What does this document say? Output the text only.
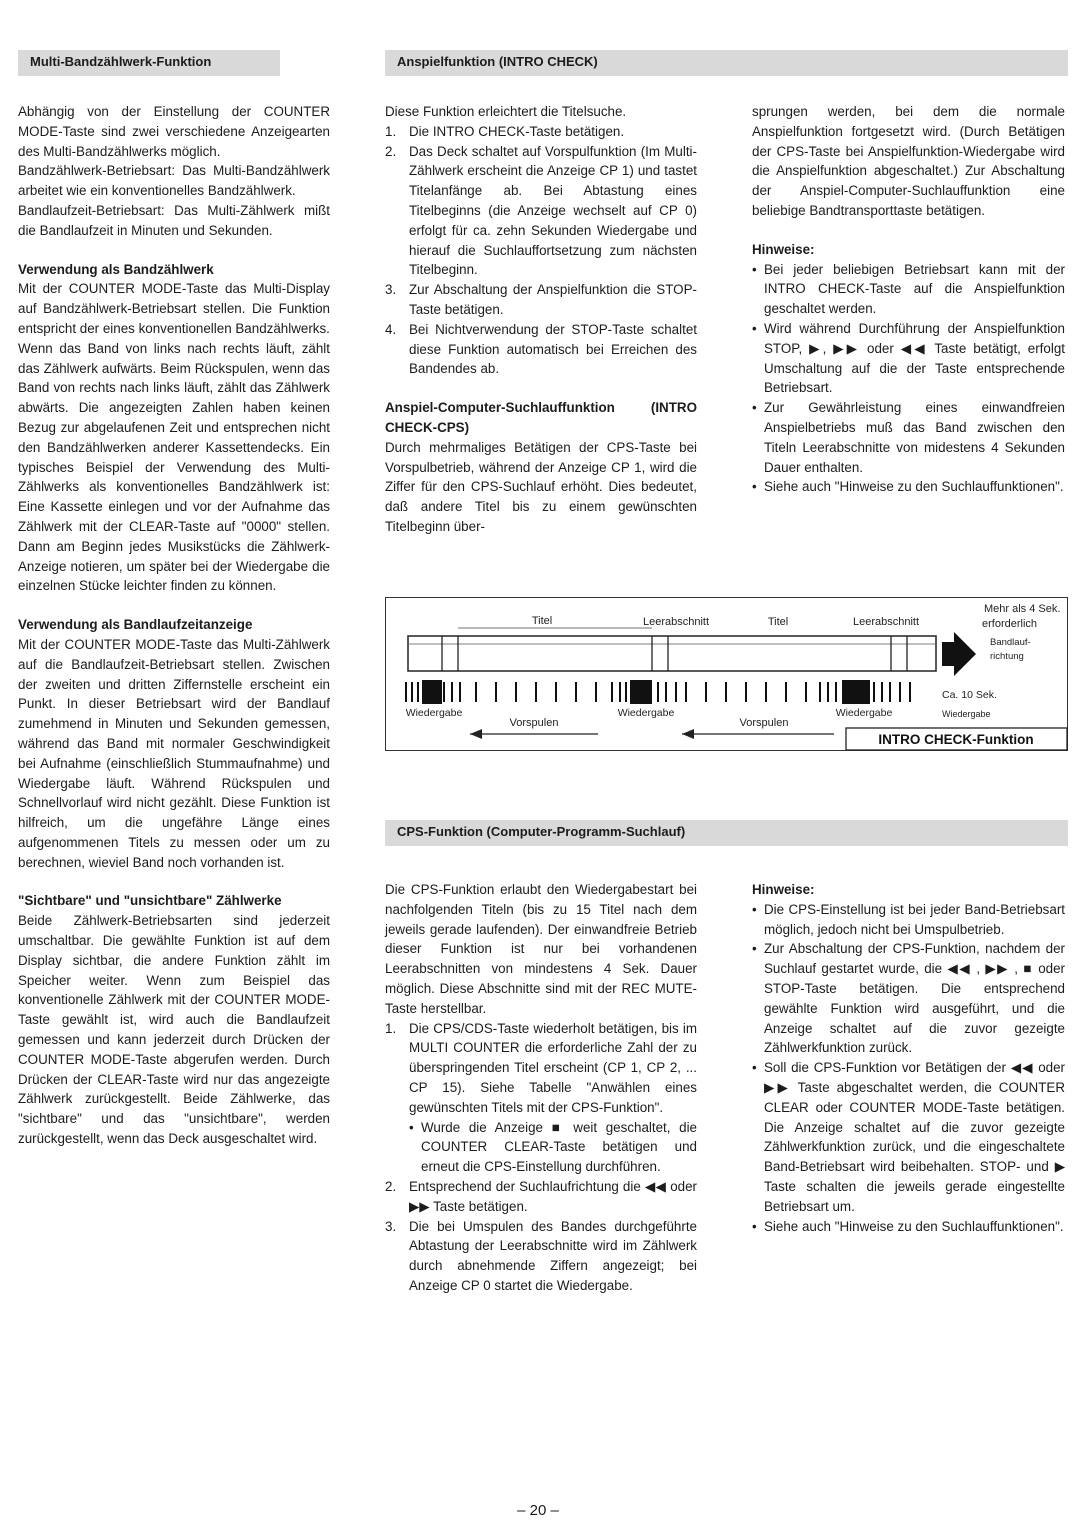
Multi-Bandzählwerk-Funktion	Anspielfunktion (INTRO CHECK)
CPS-Funktion (Computer-Programm-Suchlauf)

Abhängig von der Einstellung der COUNTER MODE-Taste sind zwei verschiedene Anzeigearten des Multi-Bandzählwerks möglich.

Bandzählwerk-Betriebsart: Das Multi-Bandzählwerk arbeitet wie ein konventionelles Bandzählwerk.

Bandlaufzeit-Betriebsart: Das Multi-Zählwerk mißt die Bandlaufzeit in Minuten und Sekunden.

Verwendung als Bandzählwerk

Mit der COUNTER MODE-Taste das Multi-Display auf Bandzählwerk-Betriebsart stellen. Die Funktion entspricht der eines konventionellen Bandzählwerks.

Wenn das Band von links nach rechts läuft, zählt das Zählwerk aufwärts. Beim Rückspulen, wenn das Band von rechts nach links läuft, zählt das Zählwerk abwärts. Die angezeigten Zahlen haben keinen Bezug zur abgelaufenen Zeit und entsprechen nicht den Bandzählwerken anderer Kassettendecks. Ein typisches Beispiel der Verwendung des Multi-Zählwerks als konventionelles Bandzählwerk ist: Eine Kassette einlegen und vor der Aufnahme das Zählwerk mit der CLEAR-Taste auf "0000" stellen. Dann am Beginn jedes Musikstücks die Zählwerk-Anzeige notieren, um später bei der Wiedergabe die einzelnen Stücke leichter finden zu können.

Verwendung als Bandlaufzeitanzeige

Mit der COUNTER MODE-Taste das Multi-Zählwerk auf die Bandlaufzeit-Betriebsart stellen. Zwischen der zweiten und dritten Ziffernstelle erscheint ein Punkt. In dieser Betriebsart wird der Bandlauf zumehmend in Minuten und Sekunden gemessen, während das Band mit normaler Geschwindigkeit bei Aufnahme (einschließlich Stummaufnahme) und Wiedergabe läuft. Während Rückspulen und Schnellvorlauf wird nicht gezählt. Diese Funktion ist hilfreich, um die ungefähre Länge eines aufgenommenen Titels zu messen oder um zu berechnen, wieviel Band noch vorhanden ist.

"Sichtbare" und "unsichtbare" Zählwerke

Beide Zählwerk-Betriebsarten sind jederzeit umschaltbar. Die gewählte Funktion ist auf dem Display sichtbar, die andere Funktion zählt im Speicher weiter. Wenn zum Beispiel das konventionelle Zählwerk mit der COUNTER MODE-Taste gewählt ist, wird auch die Bandlaufzeit gemessen und kann jederzeit durch Drücken der COUNTER MODE-Taste abgerufen werden. Durch Drücken der CLEAR-Taste wird nur das angezeigte Zählwerk zurückgestellt. Beide Zählwerke, das "sichtbare" und das "unsichtbare", werden zurückgestellt, wenn das Deck ausgeschaltet wird.

Diese Funktion erleichtert die Titelsuche.

1. Die INTRO CHECK-Taste betätigen.
2. Das Deck schaltet auf Vorspulfunktion (Im Multi-Zählwerk erscheint die Anzeige CP 1) und tastet Titelanfänge ab. Bei Abtastung eines Titelbeginns (die Anzeige wechselt auf CP 0) erfolgt für ca. zehn Sekunden Wiedergabe und hierauf die Suchlauffortsetzung zum nächsten Titelbeginn.
3. Zur Abschaltung der Anspielfunktion die STOP-Taste betätigen.
4. Bei Nichtverwendung der STOP-Taste schaltet diese Funktion automatisch bei Erreichen des Bandendes ab.
Anspiel-Computer-Suchlauffunktion (INTRO CHECK-CPS)

Durch mehrmaliges Betätigen der CPS-Taste bei Vorspulbetrieb, während der Anzeige CP 1, wird die Ziffer für den CPS-Suchlauf erhöht. Dies bedeutet, daß andere Titel bis zu einem gewünschten Titelbeginn über-

sprungen werden, bei dem die normale Anspielfunktion fortgesetzt wird. (Durch Betätigen der CPS-Taste bei Anspielfunktion-Wiedergabe wird die Anspielfunktion abgeschaltet.) Zur Abschaltung der Anspiel-Computer-Suchlauffunktion eine beliebige Bandtransporttaste betätigen.

Hinweise:
• Bei jeder beliebigen Betriebsart kann mit der INTRO CHECK-Taste auf die Anspielfunktion geschaltet werden.
• Wird während Durchführung der Anspielfunktion STOP, ▶, ▶▶ oder ◀◀ Taste betätigt, erfolgt Umschaltung auf die der Taste entsprechende Betriebsart.
• Zur Gewährleistung eines einwandfreien Anspielbetriebs muß das Band zwischen den Titeln Leerabschnitte von midestens 4 Sekunden Dauer enthalten.
• Siehe auch "Hinweise zu den Suchlauffunktionen".
Titel	Leerabschnitt	Titel	Leerabschnitt
Mehr als 4 Sek.
erforderlich
Bandlauf-
richtung
Wiedergabe
Vorspulen
Wiedergabe
Vorspulen
Wiedergabe
Ca. 10 Sek.
Wiedergabe
INTRO CHECK-Funktion

Die CPS-Funktion erlaubt den Wiedergabestart bei nachfolgenden Titeln (bis zu 15 Titel nach dem jeweils gerade laufenden). Der einwandfreie Betrieb dieser Funktion ist nur bei vorhandenen Leerabschnitten von mindestens 4 Sek. Dauer möglich. Diese Abschnitte sind mit der REC MUTE-Taste herstellbar.

1. Die CPS/CDS-Taste wiederholt betätigen, bis im MULTI COUNTER die erforderliche Zahl der zu überspringenden Titel erscheint (CP 1, CP 2, ... CP 15). Siehe Tabelle "Anwählen eines gewünschten Titels mit der CPS-Funktion".
• Wurde die Anzeige ■ weit geschaltet, die COUNTER CLEAR-Taste betätigen und erneut die CPS-Einstellung durchführen.
2. Entsprechend der Suchlaufrichtung die ◀◀ oder ▶▶ Taste betätigen.
3. Die bei Umspulen des Bandes durchgeführte Abtastung der Leerabschnitte wird im Zählwerk durch abnehmende Ziffern angezeigt; bei Anzeige CP 0 startet die Wiedergabe.
Hinweise:
• Die CPS-Einstellung ist bei jeder Band-Betriebsart möglich, jedoch nicht bei Umspulbetrieb.
• Zur Abschaltung der CPS-Funktion, nachdem der Suchlauf gestartet wurde, die ◀◀ , ▶▶ , ■ oder STOP-Taste betätigen. Die entsprechend gewählte Funktion wird ausgeführt, und die Anzeige schaltet auf die zuvor gezeigte Zählwerkfunktion zurück.
• Soll die CPS-Funktion vor Betätigen der ◀◀ oder ▶▶ Taste abgeschaltet werden, die COUNTER CLEAR oder COUNTER MODE-Taste betätigen. Die Anzeige schaltet auf die zuvor gezeigte Zählwerkfunktion zurück, und die eingeschaltete Band-Betriebsart wird beibehalten. STOP- und ▶ Taste schalten die jeweils gerade eingestellte Betriebsart um.
• Siehe auch "Hinweise zu den Suchlauffunktionen".
– 20 –
